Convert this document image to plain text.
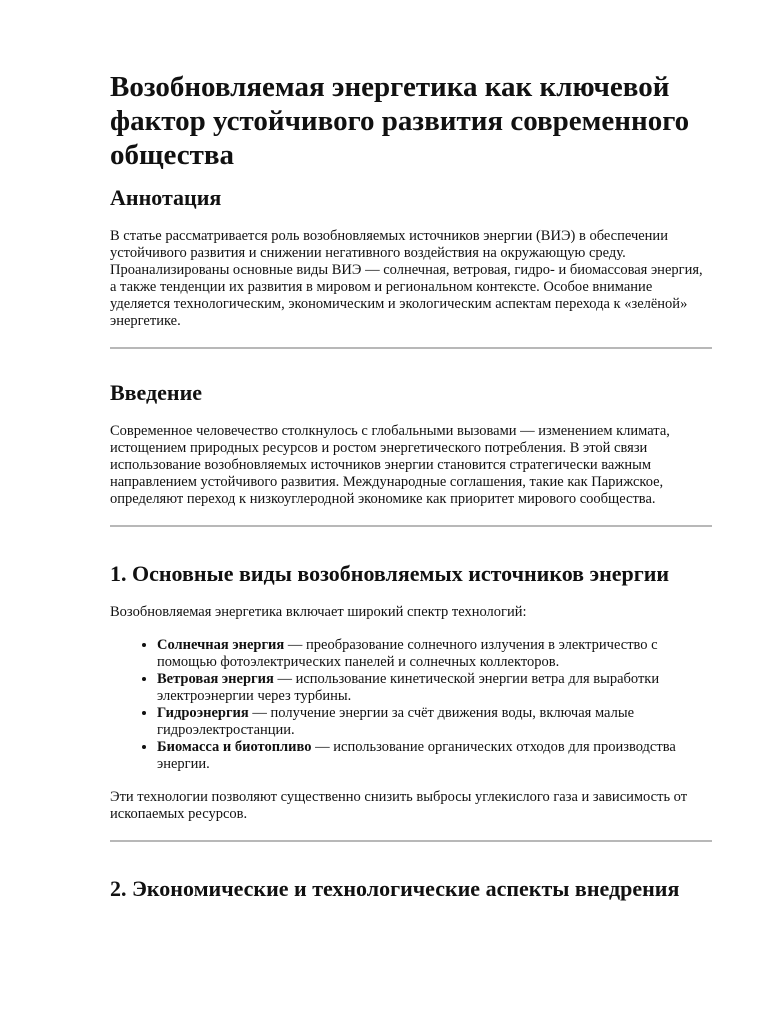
Возобновляемая энергетика как ключевой фактор устойчивого развития современного общества
Аннотация

В статье рассматривается роль возобновляемых источников энергии (ВИЭ) в обеспечении устойчивого развития и снижении негативного воздействия на окружающую среду. Проанализированы основные виды ВИЭ — солнечная, ветровая, гидро- и биомассовая энергия, а также тенденции их развития в мировом и региональном контексте. Особое внимание уделяется технологическим, экономическим и экологическим аспектам перехода к «зелёной» энергетике.

Введение

Современное человечество столкнулось с глобальными вызовами — изменением климата, истощением природных ресурсов и ростом энергетического потребления. В этой связи использование возобновляемых источников энергии становится стратегически важным направлением устойчивого развития. Международные соглашения, такие как Парижское, определяют переход к низкоуглеродной экономике как приоритет мирового сообщества.

1. Основные виды возобновляемых источников энергии

Возобновляемая энергетика включает широкий спектр технологий:

• Солнечная энергия — преобразование солнечного излучения в электричество с помощью фотоэлектрических панелей и солнечных коллекторов.
• Ветровая энергия — использование кинетической энергии ветра для выработки электроэнергии через турбины.
• Гидроэнергия — получение энергии за счёт движения воды, включая малые гидроэлектростанции.
• Биомасса и биотопливо — использование органических отходов для производства энергии.

Эти технологии позволяют существенно снизить выбросы углекислого газа и зависимость от ископаемых ресурсов.

2. Экономические и технологические аспекты внедрения
